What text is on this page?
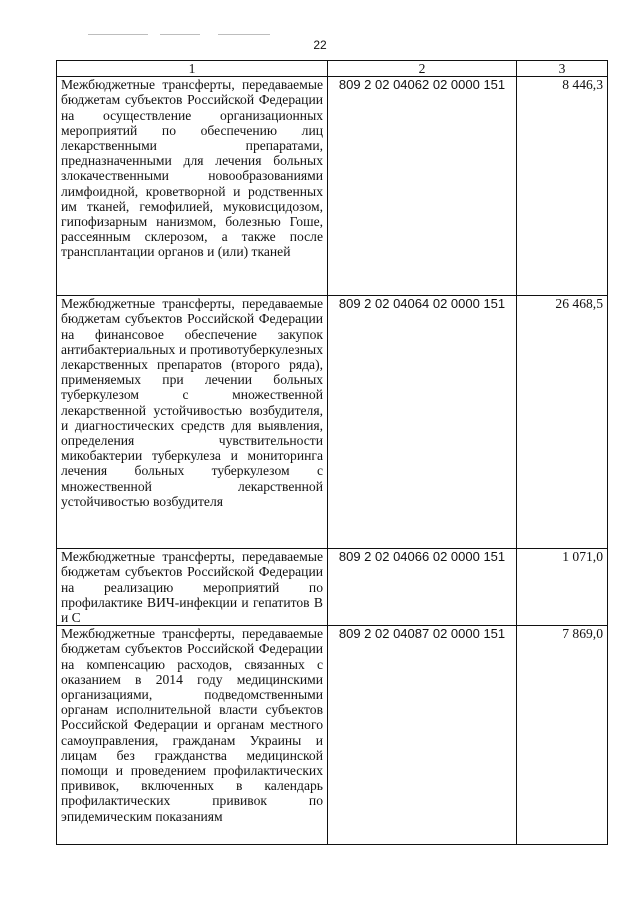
22
1	2	3

Межбюджетные трансферты, передаваемые бюджетам субъектов Российской Федерации на осуществление организационных мероприятий по обеспечению лиц лекарственными препаратами, предназначенными для лечения больных злокачественными новообразованиями лимфоидной, кроветворной и родственных им тканей, гемофилией, муковисцидозом, гипофизарным нанизмом, болезнью Гоше, рассеянным склерозом, а также после трансплантации органов и (или) тканей	809 2 02 04062 02 0000 151	8 446,3

Межбюджетные трансферты, передаваемые бюджетам субъектов Российской Федерации на финансовое обеспечение закупок антибактериальных и противотуберкулезных лекарственных препаратов (второго ряда), применяемых при лечении больных туберкулезом с множественной лекарственной устойчивостью возбудителя, и диагностических средств для выявления, определения чувствительности микобактерии туберкулеза и мониторинга лечения больных туберкулезом с множественной лекарственной устойчивостью возбудителя	809 2 02 04064 02 0000 151	26 468,5

Межбюджетные трансферты, передаваемые бюджетам субъектов Российской Федерации на реализацию мероприятий по профилактике ВИЧ-инфекции и гепатитов B и C	809 2 02 04066 02 0000 151	1 071,0

Межбюджетные трансферты, передаваемые бюджетам субъектов Российской Федерации на компенсацию расходов, связанных с оказанием в 2014 году медицинскими организациями, подведомственными органам исполнительной власти субъектов Российской Федерации и органам местного самоуправления, гражданам Украины и лицам без гражданства медицинской помощи и проведением профилактических прививок, включенных в календарь профилактических прививок по эпидемическим показаниям	809 2 02 04087 02 0000 151	7 869,0
